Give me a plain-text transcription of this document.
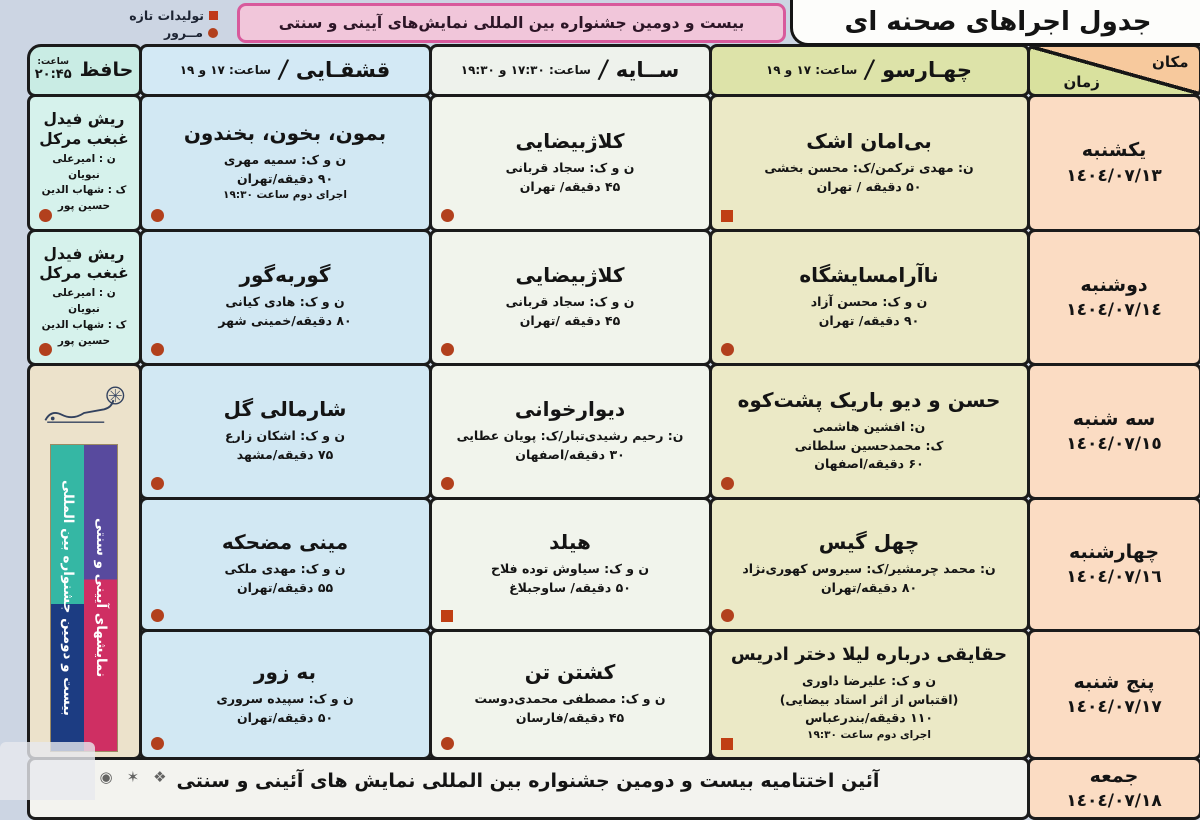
جدول اجراهای صحنه ای
بیست و دومین جشنواره بین المللی نمایش‌های آیینی و سنتی
تولیدات تازه
مــرور
مکان
زمان
چهـارسو
/
ساعت: ۱۷ و ۱۹
ســایه
/
ساعت: ۱۷:۳۰ و ۱۹:۳۰
قشقـایی
/
ساعت: ۱۷ و ۱۹
حافظ
ساعت:
۲۰:۴۵
یکشنبه
١٤٠٤/٠٧/١٣
بی‌امان اشک
ن: مهدی ترکمن/ک: محسن بخشی
۵۰ دقیقه / تهران
کلاژبیضایی
ن و ک: سجاد قربانی
۴۵ دقیقه/ تهران
بمون، بخون، بخندون
ن و ک: سمیه مهری
۹۰ دقیقه/تهران
اجرای دوم ساعت ۱۹:۳۰
ریش فیدل غبغب مرکل
ن : امیرعلی نبویان
ک : شهاب الدین حسین پور
دوشنبه
١٤٠٤/٠٧/١٤
ناآرامسایشگاه
ن و ک: محسن آزاد
۹۰ دقیقه/ تهران
کلاژبیضایی
ن و ک: سجاد قربانی
۴۵ دقیقه /تهران
گوربه‌گور
ن و ک: هادی کیانی
۸۰ دقیقه/خمینی شهر
ریش فیدل غبغب مرکل
ن : امیرعلی نبویان
ک : شهاب الدین حسین پور
سه شنبه
١٤٠٤/٠٧/١٥
حسن و دیو باریک پشت‌کوه
ن: افشین هاشمی
ک: محمدحسین سلطانی
۶۰ دقیقه/اصفهان
دیوارخوانی
ن: رحیم رشیدی‌تبار/ک: پویان عطایی
۳۰ دقیقه/اصفهان
شارمالی گل
ن و ک: اشکان زارع
۷۵ دقیقه/مشهد
نمایشهای آیینی و سنتی
بیست و دومین جشنواره بین المللی	چهارشنبه
١٤٠٤/٠٧/١٦
چهل گیس
ن: محمد چرمشیر/ک: سیروس کهوری‌نژاد
۸۰ دقیقه/تهران
هیلد
ن و ک: سیاوش توده فلاح
۵۰ دقیقه/ ساوجبلاغ
مینی مضحکه
ن و ک: مهدی ملکی
۵۵ دقیقه/تهران
پنج شنبه
١٤٠٤/٠٧/١٧
حقایقی درباره لیلا دختر ادریس
ن و ک: علیرضا داوری
(اقتباس از اثر استاد بیضایی)
۱۱۰ دقیقه/بندرعباس
اجرای دوم ساعت ۱۹:۳۰
کشتن تن
ن و ک: مصطفی محمدی‌دوست
۴۵ دقیقه/فارسان
به زور
ن و ک: سپیده سروری
۵۰ دقیقه/تهران
جمعه
١٤٠٤/٠٧/١٨
آئین اختتامیه بیست و دومین جشنواره بین المللی نمایش های آئینی و سنتی
❖
✶
◉
